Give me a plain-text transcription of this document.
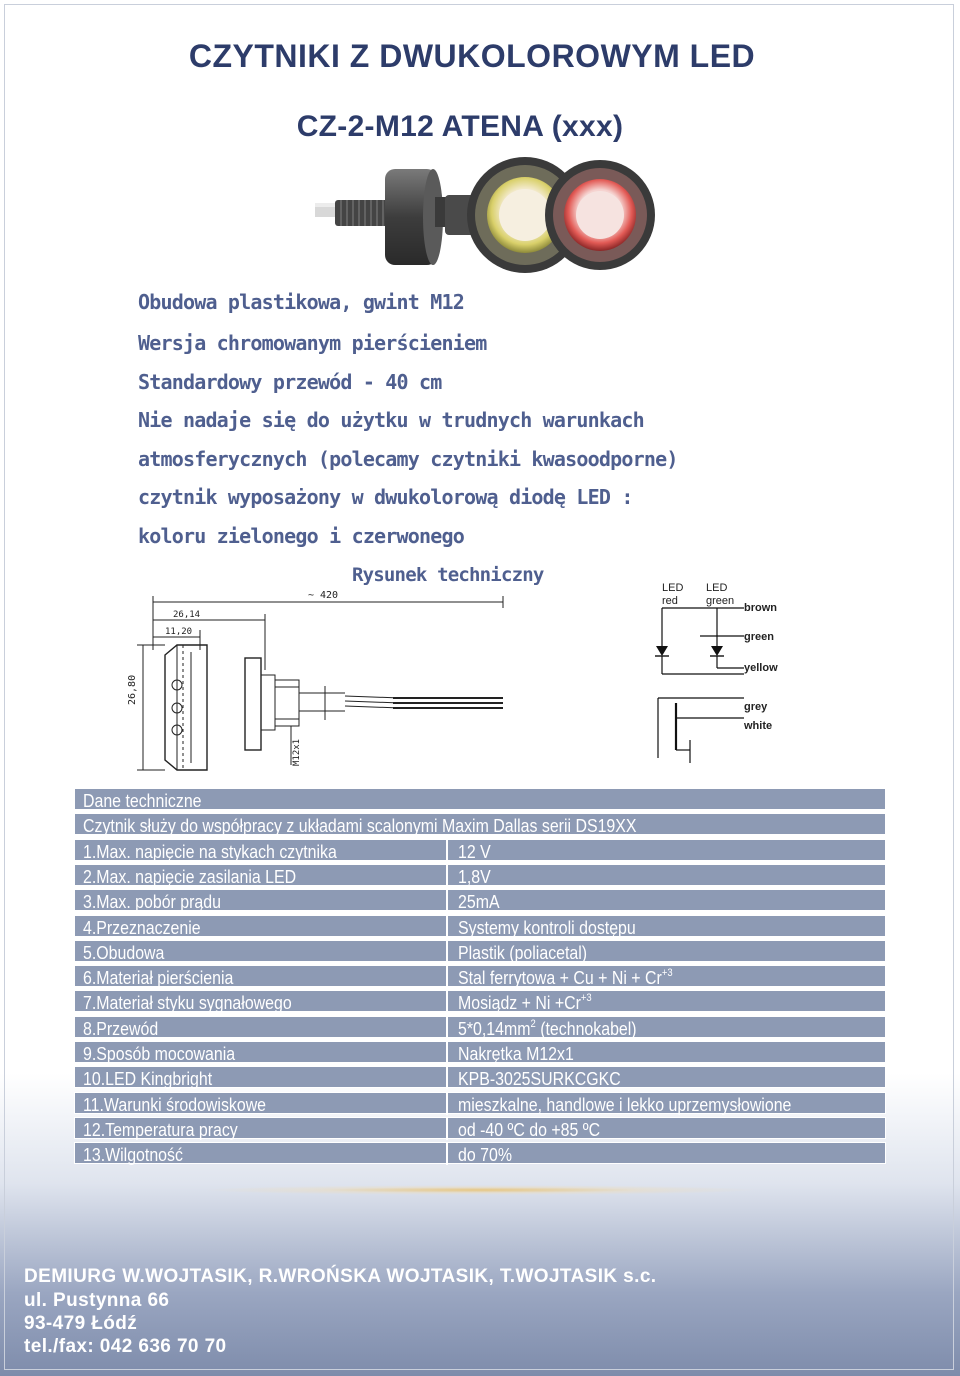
CZYTNIKI Z DWUKOLOROWYM LED
CZ-2-M12 ATENA (xxx)
Obudowa plastikowa, gwint M12
Wersja chromowanym pierścieniem
Standardowy przewód - 40 cm
Nie nadaje się do użytku w trudnych warunkach
atmosferycznych (polecamy czytniki kwasoodporne)
czytnik wyposażony w dwukolorową diodę LED :
koloru zielonego i czerwonego
Rysunek techniczny
~ 420
26,14
11,20
26,80
M12x1
LED
red
LED
green
brown
green
yellow
grey
white
Dane techniczne
Czytnik służy do współpracy z układami scalonymi Maxim Dallas serii DS19XX
1.Max. napięcie na stykach czytnika	12 V
2.Max. napięcie zasilania LED	1,8V
3.Max. pobór prądu	25mA
4.Przeznaczenie	Systemy kontroli dostępu
5.Obudowa	Plastik (poliacetal)
6.Materiał pierścienia	Stal ferrytowa + $Cu + Ni + Cr^{+3}$
7.Materiał styku sygnałowego	Mosiądz + $Ni +Cr^{+3}$
8.Przewód	$5*0,14mm^2$ (technokabel)
9.Sposób mocowania	Nakrętka M12x1
10.LED Kingbright	KPB-3025SURKCGKC
11.Warunki środowiskowe	mieszkalne, handlowe i lekko uprzemysłowione
12.Temperatura pracy	od -40 ºC do +85 ºC
13.Wilgotność	do 70%
DEMIURG W.WOJTASIK, R.WROŃSKA WOJTASIK, T.WOJTASIK s.c.
ul. Pustynna 66
93-479 Łódź
tel./fax: 042 636 70 70
